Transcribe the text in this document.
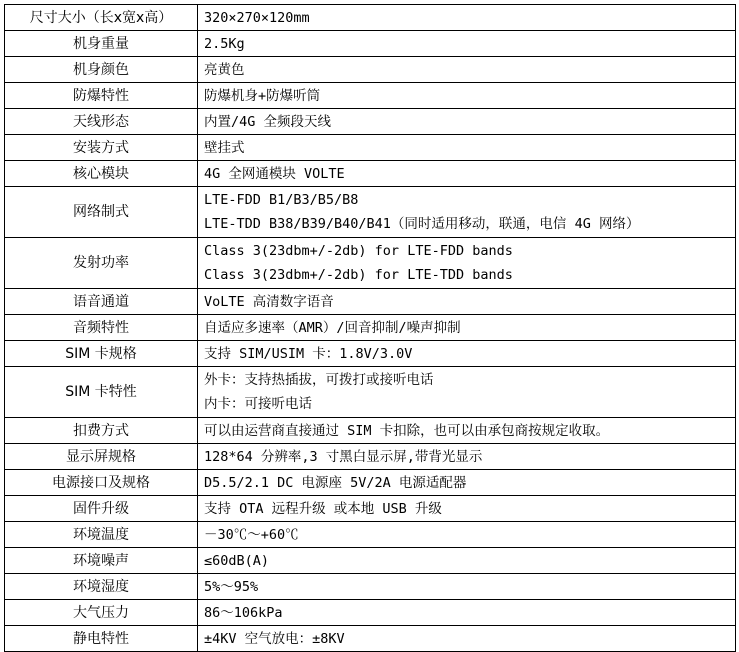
尺寸大小（长x宽x高）	320×270×120mm

机身重量	2.5Kg

机身颜色	亮黄色

防爆特性	防爆机身+防爆听筒

天线形态	内置/4G 全频段天线

安装方式	壁挂式

核心模块	4G 全网通模块 VOLTE

网络制式	LTE-FDD B1/B3/B5/B8
LTE-TDD B38/B39/B40/B41（同时适用移动，联通，电信 4G 网络）

发射功率	Class 3(23dbm+/-2db) for LTE-FDD bands
Class 3(23dbm+/-2db) for LTE-TDD bands

语音通道	VoLTE 高清数字语音

音频特性	自适应多速率（AMR）/回音抑制/噪声抑制

SIM 卡规格	支持 SIM/USIM 卡：1.8V/3.0V

SIM 卡特性	外卡：支持热插拔，可拨打或接听电话
内卡：可接听电话

扣费方式	可以由运营商直接通过 SIM 卡扣除，也可以由承包商按规定收取。

显示屏规格	128*64 分辨率,3 寸黑白显示屏,带背光显示

电源接口及规格	D5.5/2.1 DC 电源座 5V/2A 电源适配器

固件升级	支持 OTA 远程升级 或本地 USB 升级

环境温度	－30℃～+60℃

环境噪声	≤60dB(A)

环境湿度	5%～95%

大气压力	86～106kPa

静电特性	±4KV 空气放电：±8KV
